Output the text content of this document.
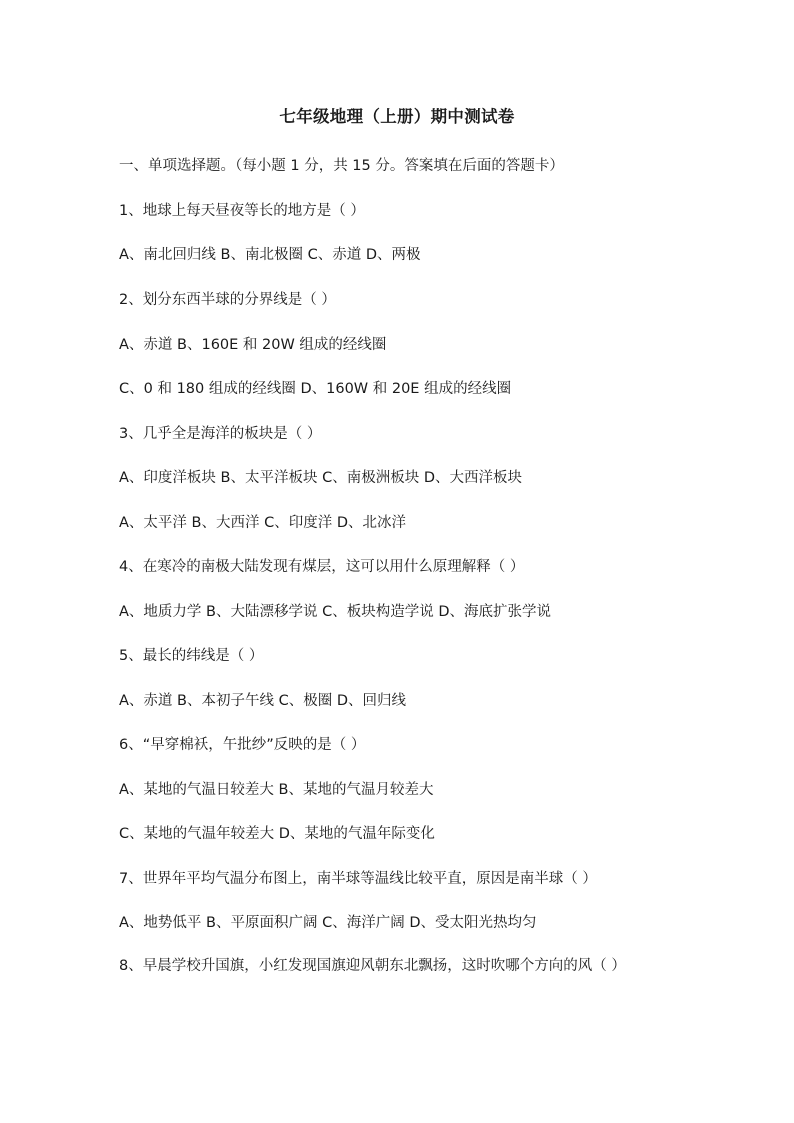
七年级地理（上册）期中测试卷
一、单项选择题。（每小题 1 分，共 15 分。答案填在后面的答题卡）
1、地球上每天昼夜等长的地方是（ ）
A、南北回归线 B、南北极圈 C、赤道 D、两极
2、划分东西半球的分界线是（ ）
A、赤道 B、160E 和 20W 组成的经线圈
C、0 和 180 组成的经线圈 D、160W 和 20E 组成的经线圈
3、几乎全是海洋的板块是（ ）
A、印度洋板块 B、太平洋板块 C、南极洲板块 D、大西洋板块
A、太平洋 B、大西洋 C、印度洋 D、北冰洋
4、在寒冷的南极大陆发现有煤层，这可以用什么原理解释（ ）
A、地质力学 B、大陆漂移学说 C、板块构造学说 D、海底扩张学说
5、最长的纬线是（ ）
A、赤道 B、本初子午线 C、极圈 D、回归线
6、“早穿棉袄，午批纱”反映的是（ ）
A、某地的气温日较差大 B、某地的气温月较差大
C、某地的气温年较差大 D、某地的气温年际变化
7、世界年平均气温分布图上，南半球等温线比较平直，原因是南半球（ ）
A、地势低平 B、平原面积广阔 C、海洋广阔 D、受太阳光热均匀
8、早晨学校升国旗，小红发现国旗迎风朝东北飘扬，这时吹哪个方向的风（ ）
